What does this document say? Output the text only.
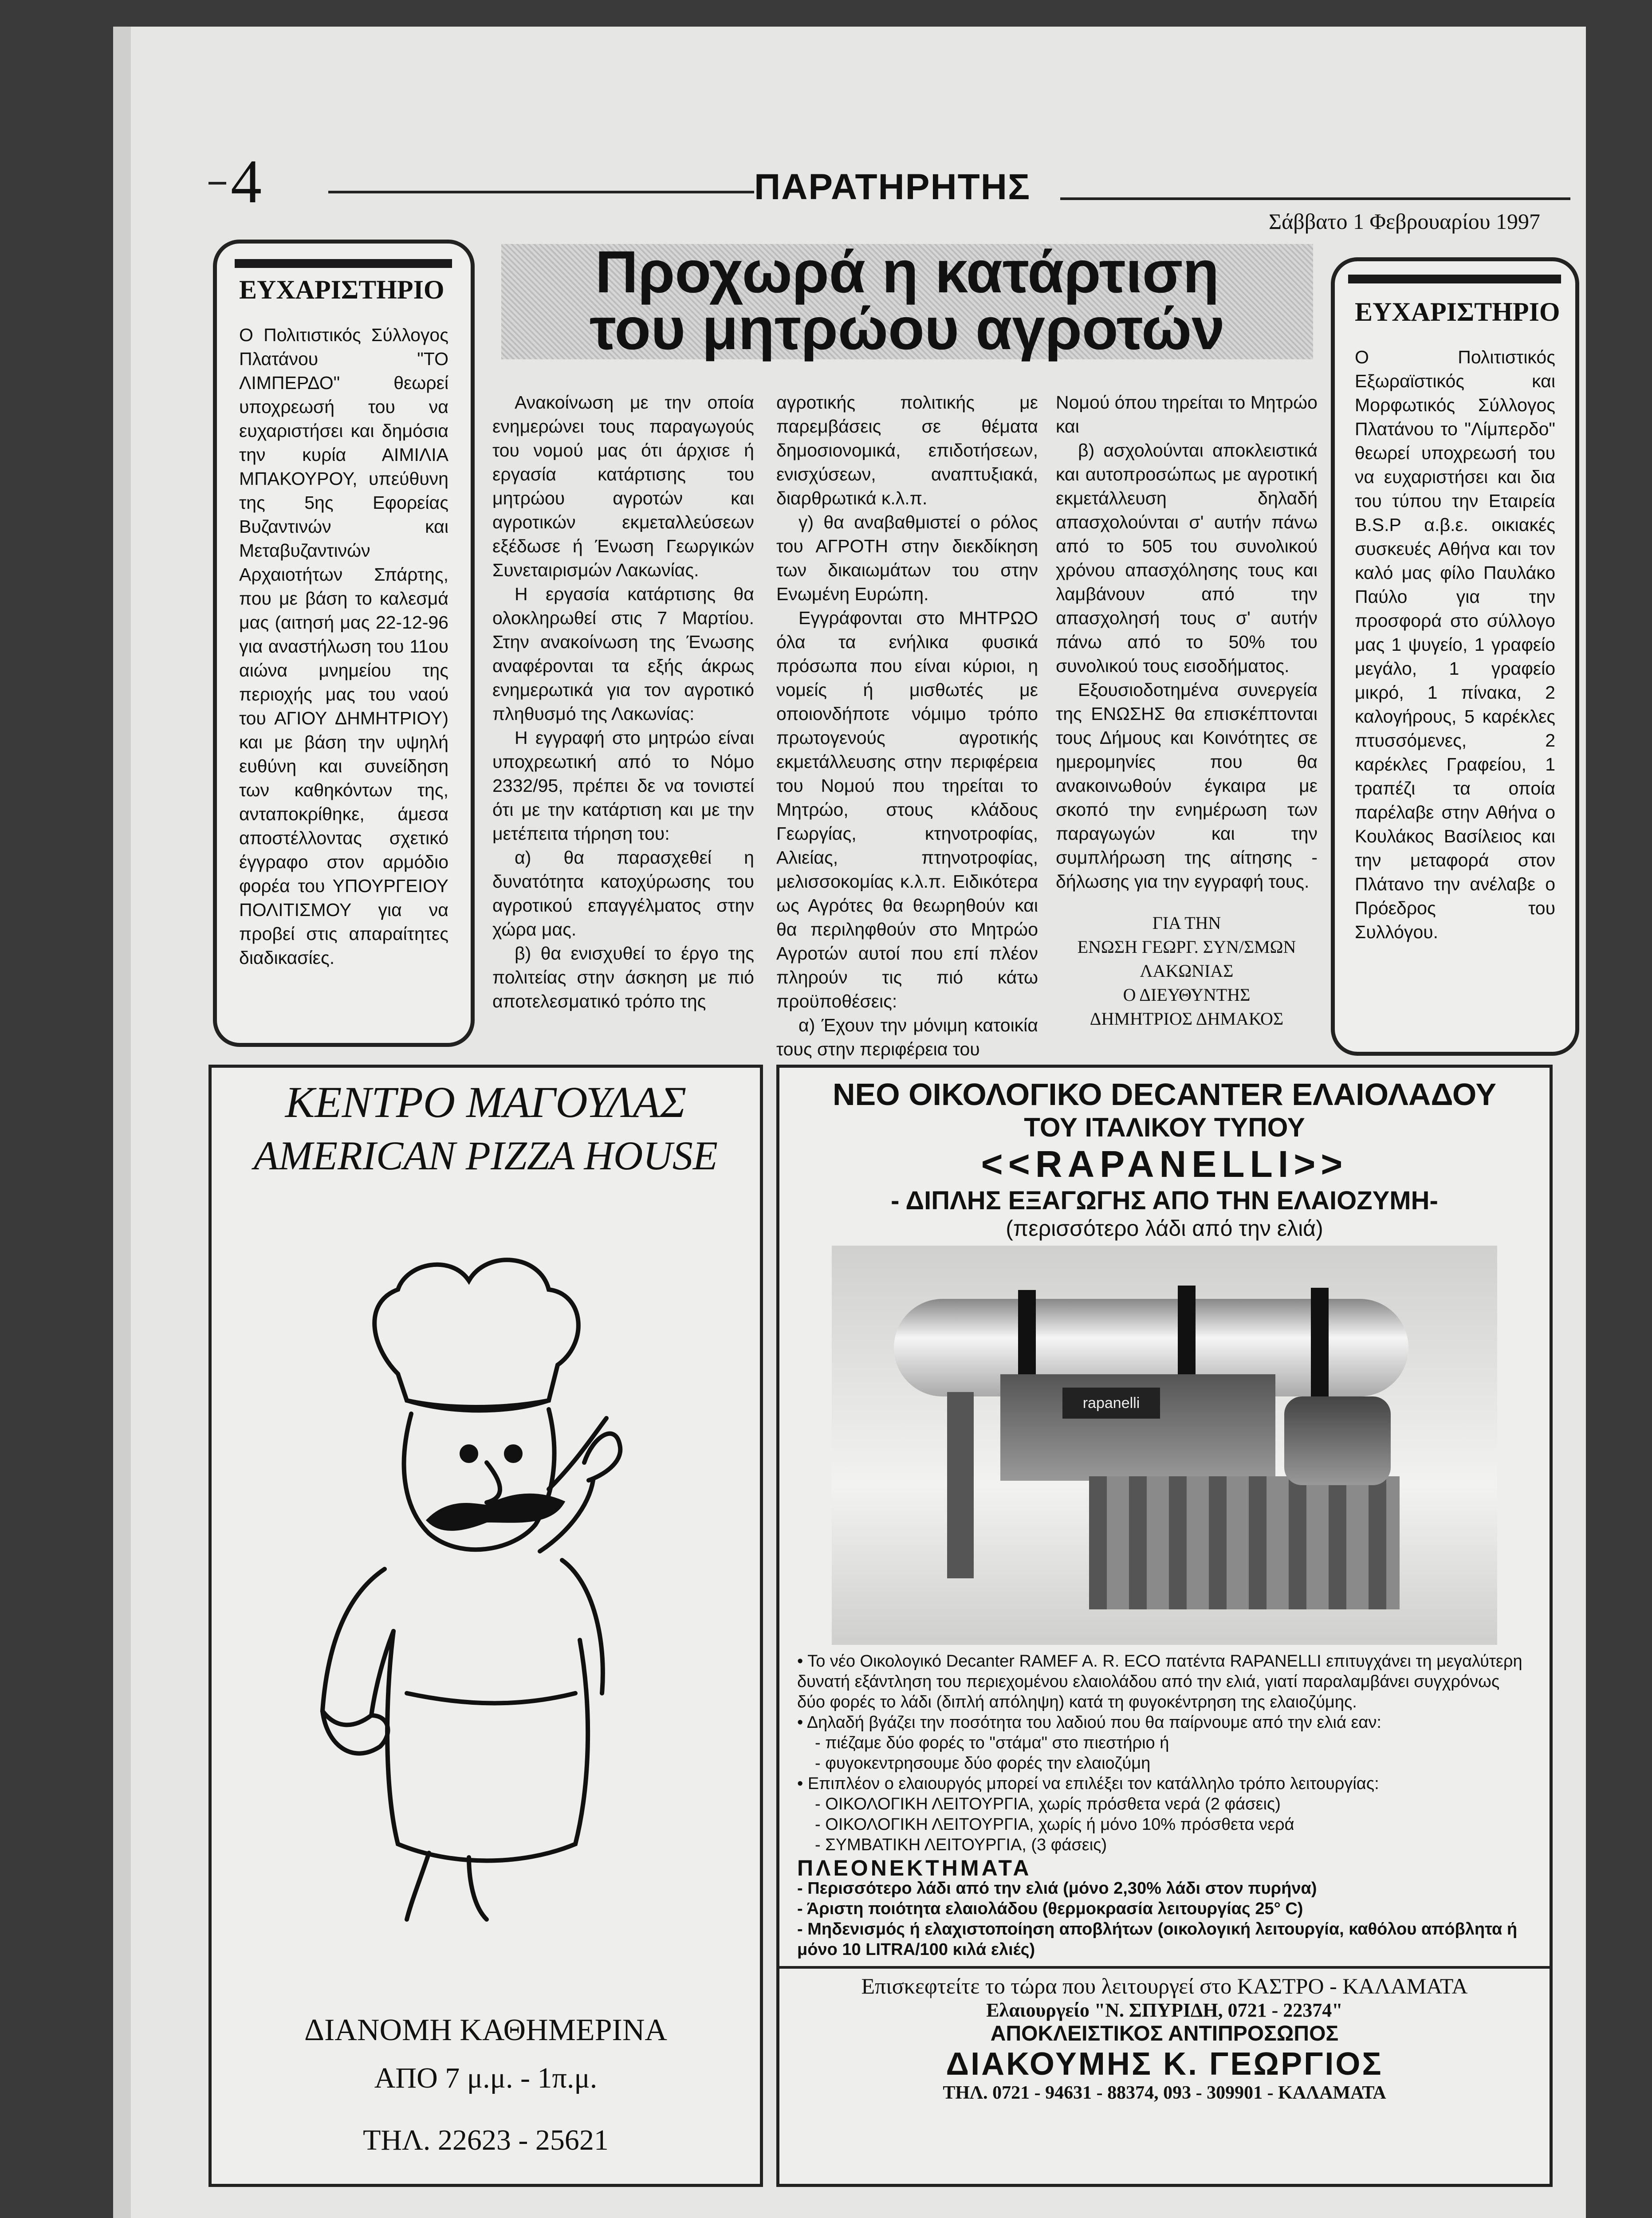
4	ΠΑΡΑΤΗΡΗΤΗΣ
Σάββατο 1 Φεβρουαρίου 1997

ΕΥΧΑΡΙΣΤΗΡΙΟ

Ο Πολιτιστικός Σύλλογος Πλατάνου "ΤΟ ΛΙΜΠΕΡΔΟ" θεωρεί υποχρεωσή του να ευχαριστήσει και δημόσια την κυρία ΑΙΜΙΛΙΑ ΜΠΑΚΟΥΡΟΥ, υπεύθυνη της 5ης Εφορείας Βυζαντινών και Μεταβυζαντινών Αρχαιοτήτων Σπάρτης, που με βάση το καλεσμά μας (αιτησή μας 22-12-96 για αναστήλωση του 11ου αιώνα μνημείου της περιοχής μας του ναού του ΑΓΙΟΥ ΔΗΜΗΤΡΙΟΥ) και με βάση την υψηλή ευθύνη και συνείδηση των καθηκόντων της, ανταποκρίθηκε, άμεσα αποστέλλοντας σχετικό έγγραφο στον αρμόδιο φορέα του ΥΠΟΥΡΓΕΙΟΥ ΠΟΛΙΤΙΣΜΟΥ για να προβεί στις απαραίτητες διαδικασίες.

Προχωρά η κατάρτιση
του μητρώου αγροτών

Ανακοίνωση με την οποία ενημερώνει τους παραγωγούς του νομού μας ότι άρχισε ή εργασία κατάρτισης του μητρώου αγροτών και αγροτικών εκμεταλλεύσεων εξέδωσε ή Ένωση Γεωργικών Συνεταιρισμών Λακωνίας.

Η εργασία κατάρτισης θα ολοκληρωθεί στις 7 Μαρτίου. Στην ανακοίνωση της Ένωσης αναφέρονται τα εξής άκρως ενημερωτικά για τον αγροτικό πληθυσμό της Λακωνίας:

Η εγγραφή στο μητρώο είναι υποχρεωτική από το Νόμο 2332/95, πρέπει δε να τονιστεί ότι με την κατάρτιση και με την μετέπειτα τήρηση του:

α) θα παρασχεθεί η δυνατότητα κατοχύρωσης του αγροτικού επαγγέλματος στην χώρα μας.

β) θα ενισχυθεί το έργο της πολιτείας στην άσκηση με πιό αποτελεσματικό τρόπο της

αγροτικής πολιτικής με παρεμβάσεις σε θέματα δημοσιονομικά, επιδοτήσεων, ενισχύσεων, αναπτυξιακά, διαρθρωτικά κ.λ.π.

γ) θα αναβαθμιστεί ο ρόλος του ΑΓΡΟΤΗ στην διεκδίκηση των δικαιωμάτων του στην Ενωμένη Ευρώπη.

Εγγράφονται στο ΜΗΤΡΩΟ όλα τα ενήλικα φυσικά πρόσωπα που είναι κύριοι, η νομείς ή μισθωτές με οποιονδήποτε νόμιμο τρόπο πρωτογενούς αγροτικής εκμετάλλευσης στην περιφέρεια του Νομού που τηρείται το Μητρώο, στους κλάδους Γεωργίας, κτηνοτροφίας, Αλιείας, πτηνοτροφίας, μελισσοκομίας κ.λ.π. Ειδικότερα ως Αγρότες θα θεωρηθούν και θα περιληφθούν στο Μητρώο Αγροτών αυτοί που επί πλέον πληρούν τις πιό κάτω προϋποθέσεις:

α) Έχουν την μόνιμη κατοικία τους στην περιφέρεια του

Νομού όπου τηρείται το Μητρώο και

β) ασχολούνται αποκλειστικά και αυτοπροσώπως με αγροτική εκμετάλλευση δηλαδή απασχολούνται σ' αυτήν πάνω από το 505 του συνολικού χρόνου απασχόλησης τους και λαμβάνουν από την απασχολησή τους σ' αυτήν πάνω από το 50% του συνολικού τους εισοδήματος.

Εξουσιοδοτημένα συνεργεία της ΕΝΩΣΗΣ θα επισκέπτονται τους Δήμους και Κοινότητες σε ημερομηνίες που θα ανακοινωθούν έγκαιρα με σκοπό την ενημέρωση των παραγωγών και την συμπλήρωση της αίτησης - δήλωσης για την εγγραφή τους.

ΓΙΑ ΤΗΝ
ΕΝΩΣΗ ΓΕΩΡΓ. ΣΥΝ/ΣΜΩΝ
ΛΑΚΩΝΙΑΣ
Ο ΔΙΕΥΘΥΝΤΗΣ
ΔΗΜΗΤΡΙΟΣ ΔΗΜΑΚΟΣ

ΕΥΧΑΡΙΣΤΗΡΙΟ

Ο Πολιτιστικός Εξωραϊστικός και Μορφωτικός Σύλλογος Πλατάνου το "Λίμπερδο" θεωρεί υποχρεωσή του να ευχαριστήσει και δια του τύπου την Εταιρεία B.S.P α.β.ε. οικιακές συσκευές Αθήνα και τον καλό μας φίλο Παυλάκο Παύλο για την προσφορά στο σύλλογο μας 1 ψυγείο, 1 γραφείο μεγάλο, 1 γραφείο μικρό, 1 πίνακα, 2 καλογήρους, 5 καρέκλες πτυσσόμενες, 2 καρέκλες Γραφείου, 1 τραπέζι τα οποία παρέλαβε στην Αθήνα ο Κουλάκος Βασίλειος και την μεταφορά στον Πλάτανο την ανέλαβε ο Πρόεδρος του Συλλόγου.

ΚΕΝΤΡΟ ΜΑΓΟΥΛΑΣ
AMERICAN PIZZA HOUSE
ΔΙΑΝΟΜΗ ΚΑΘΗΜΕΡΙΝΑ
ΑΠΟ 7 μ.μ. - 1π.μ.
ΤΗΛ. 22623 - 25621
ΝΕΟ ΟΙΚΟΛΟΓΙΚΟ DECANTER ΕΛΑΙΟΛΑΔΟΥ
ΤΟΥ ΙΤΑΛΙΚΟΥ ΤΥΠΟΥ
<<RAPANELLI>>
- ΔΙΠΛΗΣ ΕΞΑΓΩΓΗΣ ΑΠΟ ΤΗΝ ΕΛΑΙΟΖΥΜΗ-
(περισσότερο λάδι από την ελιά)
rapanelli
• Το νέο Οικολογικό Decanter RAMEF A. R. ECO πατέντα RAPANELLI επιτυγχάνει τη μεγαλύτερη δυνατή εξάντληση του περιεχομένου ελαιολάδου από την ελιά, γιατί παραλαμβάνει συγχρόνως δύο φορές το λάδι (διπλή απόληψη) κατά τη φυγοκέντρηση της ελαιοζύμης.
• Δηλαδή βγάζει την ποσότητα του λαδιού που θα παίρνουμε από την ελιά εαν:
- πιέζαμε δύο φορές το "στάμα" στο πιεστήριο ή
- φυγοκεντρησουμε δύο φορές την ελαιοζύμη
• Επιπλέον ο ελαιουργός μπορεί να επιλέξει τον κατάλληλο τρόπο λειτουργίας:
- ΟΙΚΟΛΟΓΙΚΗ ΛΕΙΤΟΥΡΓΙΑ, χωρίς πρόσθετα νερά (2 φάσεις)
- ΟΙΚΟΛΟΓΙΚΗ ΛΕΙΤΟΥΡΓΙΑ, χωρίς ή μόνο 10% πρόσθετα νερά
- ΣΥΜΒΑΤΙΚΗ ΛΕΙΤΟΥΡΓΙΑ, (3 φάσεις)
ΠΛΕΟΝΕΚΤΗΜΑΤΑ
- Περισσότερο λάδι από την ελιά (μόνο 2,30% λάδι στον πυρήνα)
- Άριστη ποιότητα ελαιολάδου (θερμοκρασία λειτουργίας 25° C)
- Μηδενισμός ή ελαχιστοποίηση αποβλήτων (οικολογική λειτουργία, καθόλου απόβλητα ή μόνο 10 LITRA/100 κιλά ελιές)
Επισκεφτείτε το τώρα που λειτουργεί στο ΚΑΣΤΡΟ - ΚΑΛΑΜΑΤΑ
Ελαιουργείο "Ν. ΣΠΥΡΙΔΗ, 0721 - 22374"
ΑΠΟΚΛΕΙΣΤΙΚΟΣ ΑΝΤΙΠΡΟΣΩΠΟΣ
ΔΙΑΚΟΥΜΗΣ Κ. ΓΕΩΡΓΙΟΣ
ΤΗΛ. 0721 - 94631 - 88374, 093 - 309901 - ΚΑΛΑΜΑΤΑ
